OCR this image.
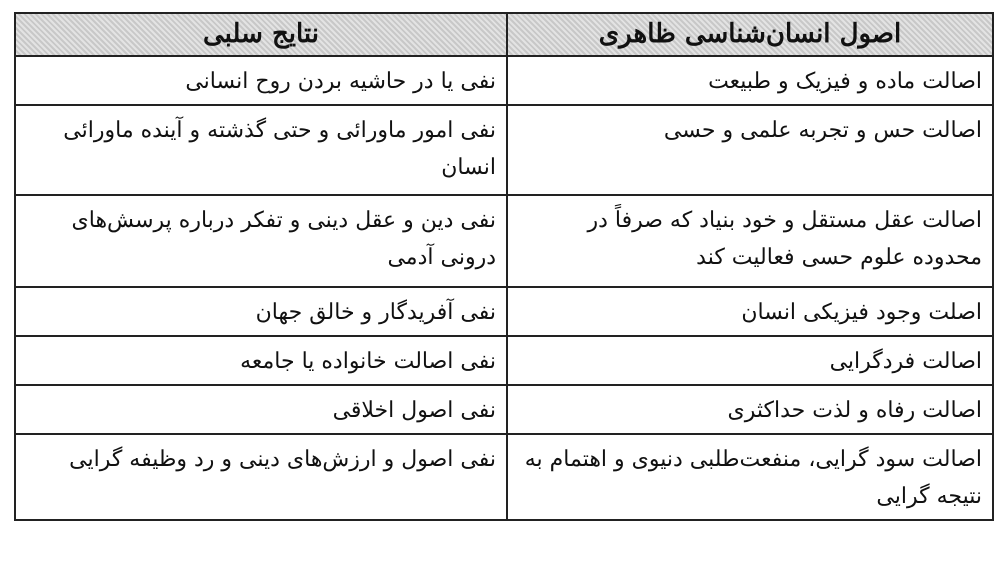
اصول انسان‌شناسی ظاهری	نتایج سلبی
اصالت ماده و فیزیک و طبیعت	نفی یا در حاشیه بردن روح انسانی
اصالت حس و تجربه علمی و حسی	نفی امور ماورائی و حتی گذشته و آینده ماورائی انسان
اصالت عقل مستقل و خود بنیاد که صرفاً در محدوده علوم حسی فعالیت کند	نفی دین و عقل دینی و تفکر درباره پرسش‌های درونی آدمی
اصلت وجود فیزیکی انسان	نفی آفریدگار و خالق جهان
اصالت فردگرایی	نفی اصالت خانواده یا جامعه
اصالت رفاه و لذت حداکثری	نفی اصول اخلاقی
اصالت سود گرایی، منفعت‌طلبی دنیوی و اهتمام به نتیجه گرایی	نفی اصول و ارزش‌های دینی و رد وظیفه گرایی
